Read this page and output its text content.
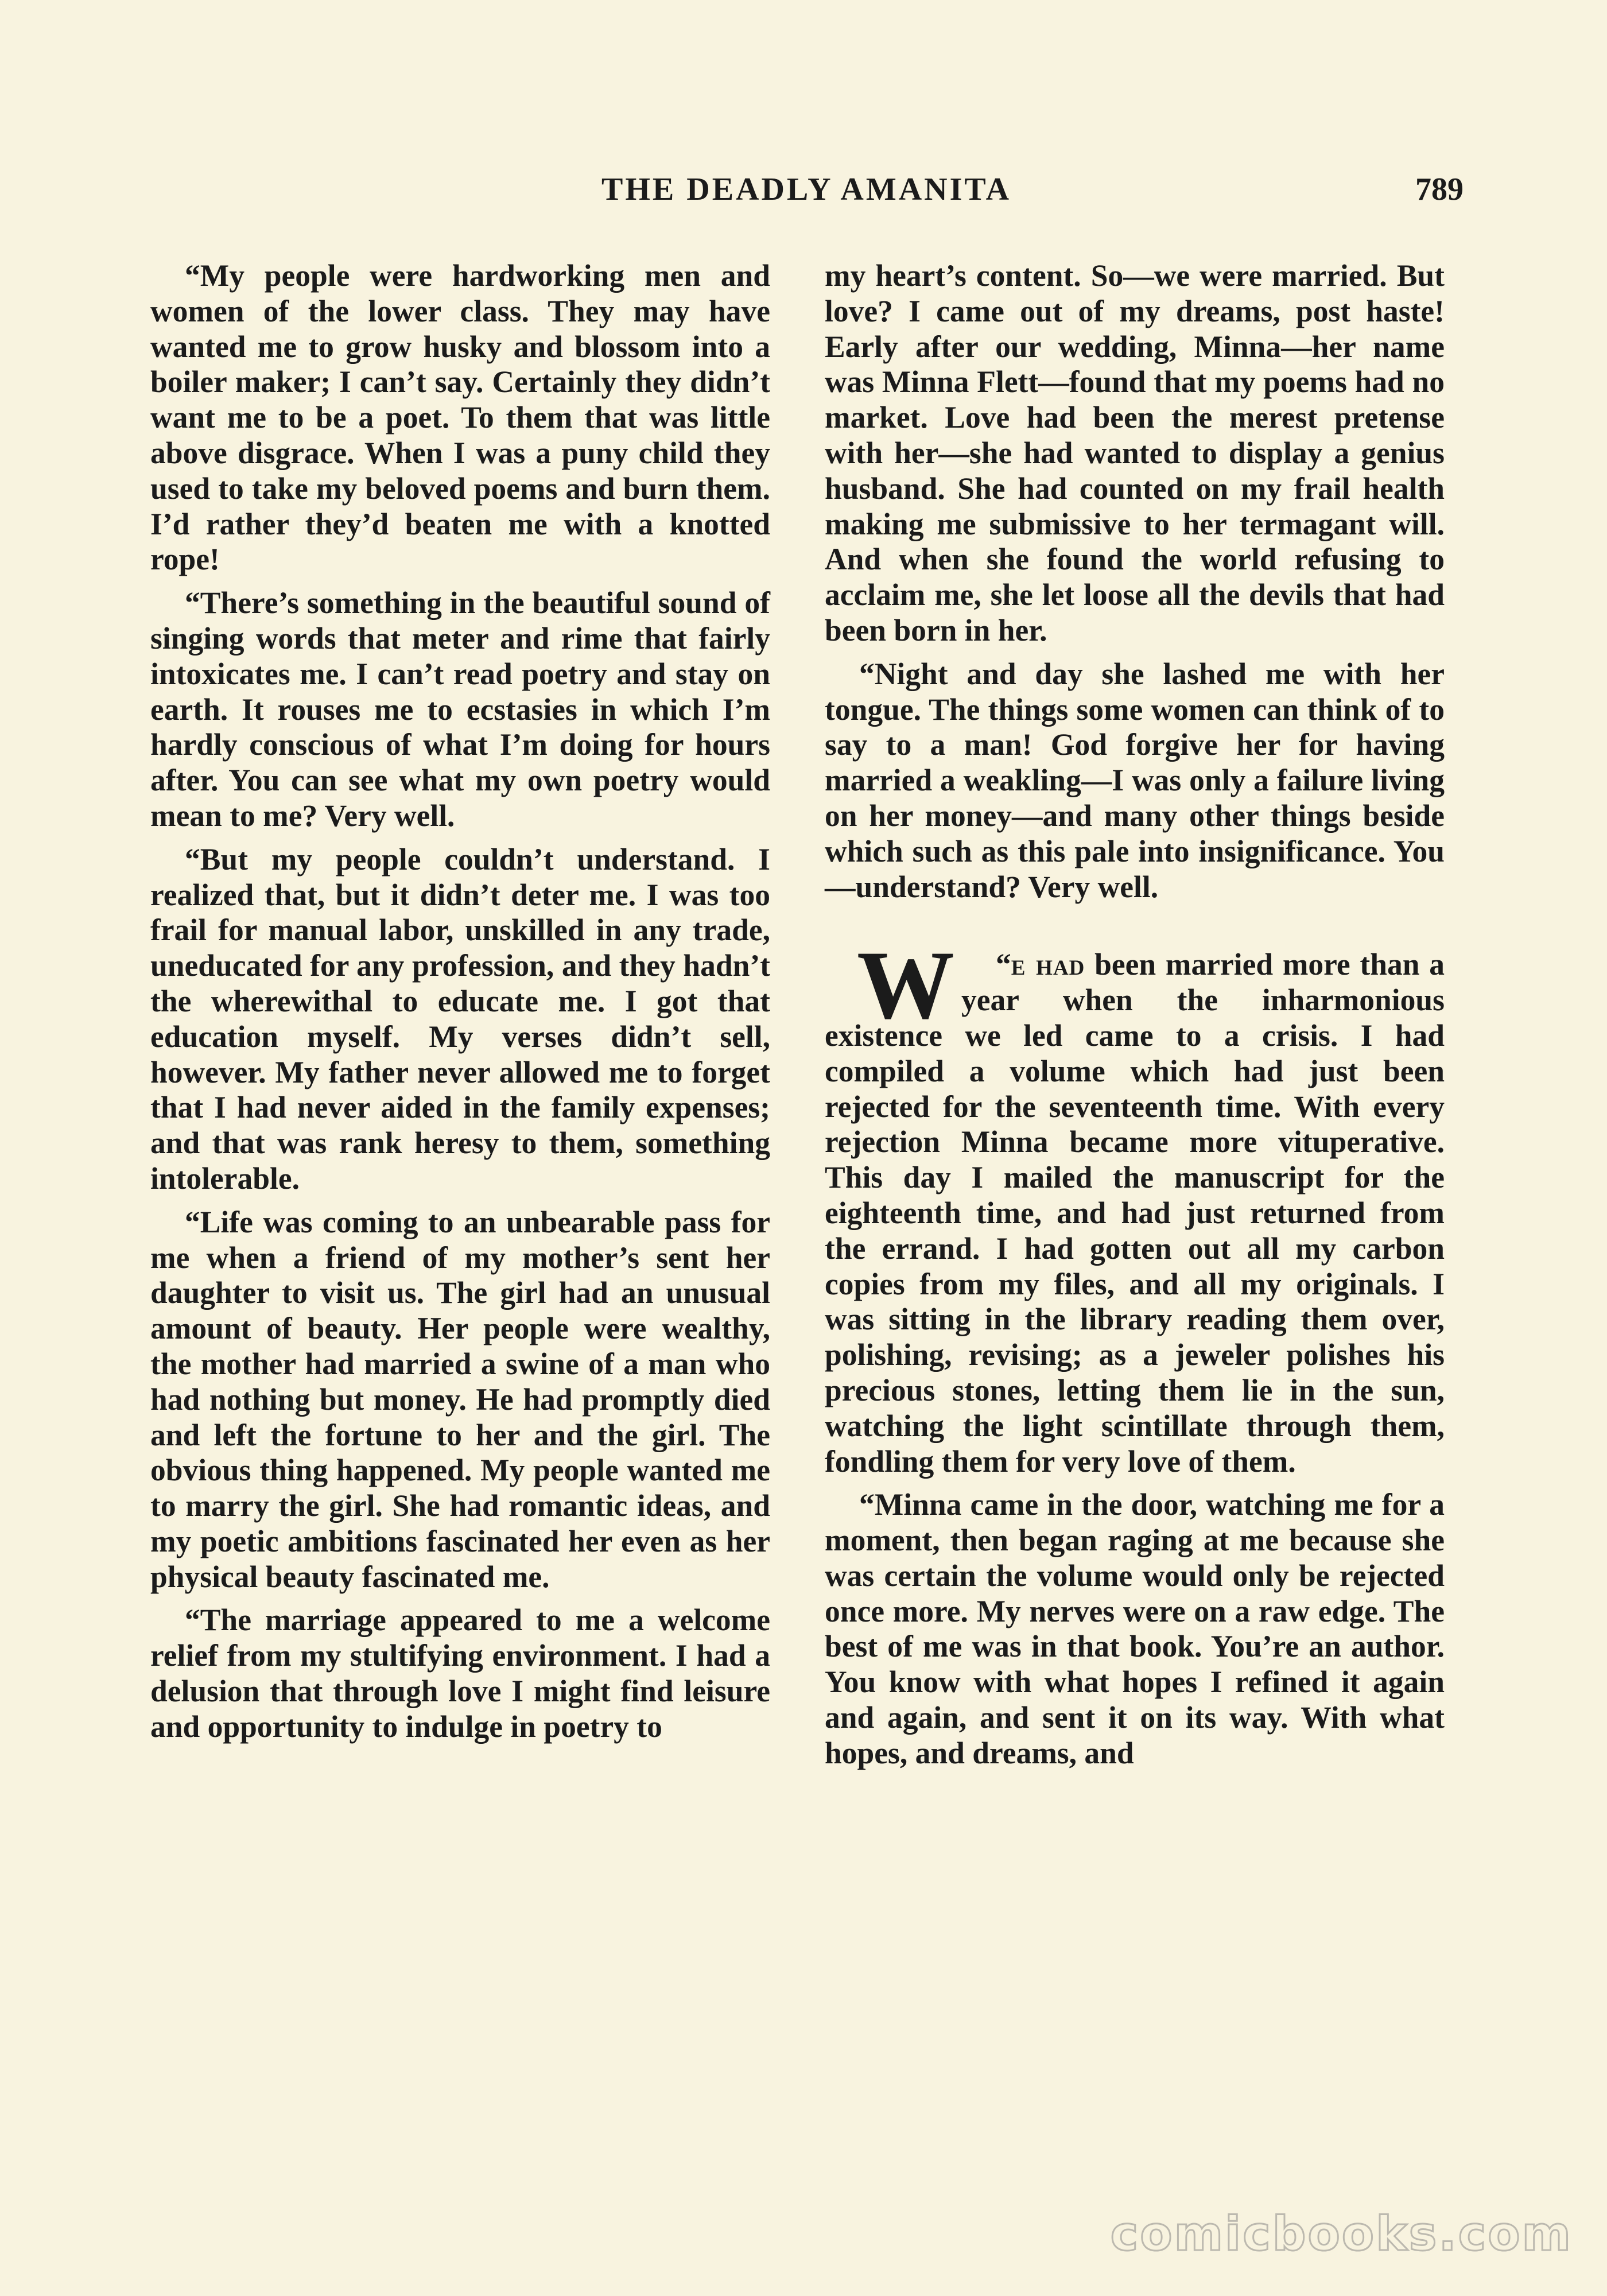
THE DEADLY AMANITA	789

“My people were hardworking men and women of the lower class. They may have wanted me to grow husky and blossom into a boiler maker; I can’t say. Certainly they didn’t want me to be a poet. To them that was little above disgrace. When I was a puny child they used to take my beloved poems and burn them. I’d rather they’d beaten me with a knotted rope!

“There’s something in the beautiful sound of singing words that meter and rime that fairly intoxicates me. I can’t read poetry and stay on earth. It rouses me to ecstasies in which I’m hardly conscious of what I’m doing for hours after. You can see what my own poetry would mean to me? Very well.

“But my people couldn’t understand. I realized that, but it didn’t deter me. I was too frail for manual labor, unskilled in any trade, uneducated for any profession, and they hadn’t the wherewithal to educate me. I got that education myself. My verses didn’t sell, however. My father never allowed me to forget that I had never aided in the family expenses; and that was rank heresy to them, something intolerable.

“Life was coming to an unbearable pass for me when a friend of my mother’s sent her daughter to visit us. The girl had an unusual amount of beauty. Her people were wealthy, the mother had married a swine of a man who had nothing but money. He had promptly died and left the fortune to her and the girl. The obvious thing happened. My people wanted me to marry the girl. She had romantic ideas, and my poetic ambitions fascinated her even as her physical beauty fascinated me.

“The marriage appeared to me a welcome relief from my stultifying environment. I had a delusion that through love I might find leisure and opportunity to indulge in poetry to

my heart’s content. So—we were married. But love? I came out of my dreams, post haste! Early after our wedding, Minna—her name was Minna Flett—found that my poems had no market. Love had been the merest pretense with her—she had wanted to display a genius husband. She had counted on my frail health making me submissive to her termagant will. And when she found the world refusing to acclaim me, she let loose all the devils that had been born in her.

“Night and day she lashed me with her tongue. The things some women can think of to say to a man! God forgive her for having married a weakling—I was only a failure living on her money—and many other things beside which such as this pale into insignificance. You—understand? Very well.

“
W e had been married more than a year when the inharmonious existence we led came to a crisis. I had compiled a volume which had just been rejected for the seventeenth time. With every rejection Minna became more vituperative. This day I mailed the manuscript for the eighteenth time, and had just returned from the errand. I had gotten out all my carbon copies from my files, and all my originals. I was sitting in the library reading them over, polishing, revising; as a jeweler polishes his precious stones, letting them lie in the sun, watching the light scintillate through them, fondling them for very love of them.

“Minna came in the door, watching me for a moment, then began raging at me because she was certain the volume would only be rejected once more. My nerves were on a raw edge. The best of me was in that book. You’re an author. You know with what hopes I refined it again and again, and sent it on its way. With what hopes, and dreams, and

comicbooks.com
